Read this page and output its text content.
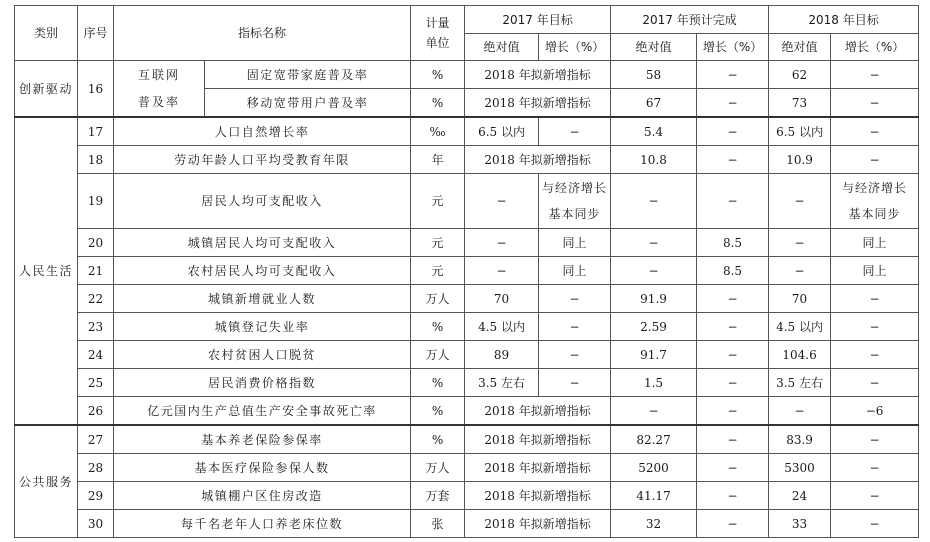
类别	序号	指标名称		计量单位	2017 年目标		2017 年预计完成		2018 年目标	
					绝对值	增长（%）	绝对值	增长（%）	绝对值	增长（%）
创新驱动	16	互联网普及率	固定宽带家庭普及率	%	2018 年拟新增指标		58	−	62	−
			移动宽带用户普及率	%	2018 年拟新增指标		67	−	73	−
人民生活	17	人口自然增长率		‰	6.5 以内	−	5.4	−	6.5 以内	−
	18	劳动年龄人口平均受教育年限		年	2018 年拟新增指标		10.8	−	10.9	−
	19	居民人均可支配收入		元	−	与经济增长基本同步	−	−	−	与经济增长基本同步
	20	城镇居民人均可支配收入		元	−	同上	−	8.5	−	同上
	21	农村居民人均可支配收入		元	−	同上	−	8.5	−	同上
	22	城镇新增就业人数		万人	70	−	91.9	−	70	−
	23	城镇登记失业率		%	4.5 以内	−	2.59	−	4.5 以内	−
	24	农村贫困人口脱贫		万人	89	−	91.7	−	104.6	−
	25	居民消费价格指数		%	3.5 左右	−	1.5	−	3.5 左右	−
	26	亿元国内生产总值生产安全事故死亡率		%	2018 年拟新增指标		−	−	−	−6
公共服务	27	基本养老保险参保率		%	2018 年拟新增指标		82.27	−	83.9	−
	28	基本医疗保险参保人数		万人	2018 年拟新增指标		5200	−	5300	−
	29	城镇棚户区住房改造		万套	2018 年拟新增指标		41.17	−	24	−
	30	每千名老年人口养老床位数		张	2018 年拟新增指标		32	−	33	−
